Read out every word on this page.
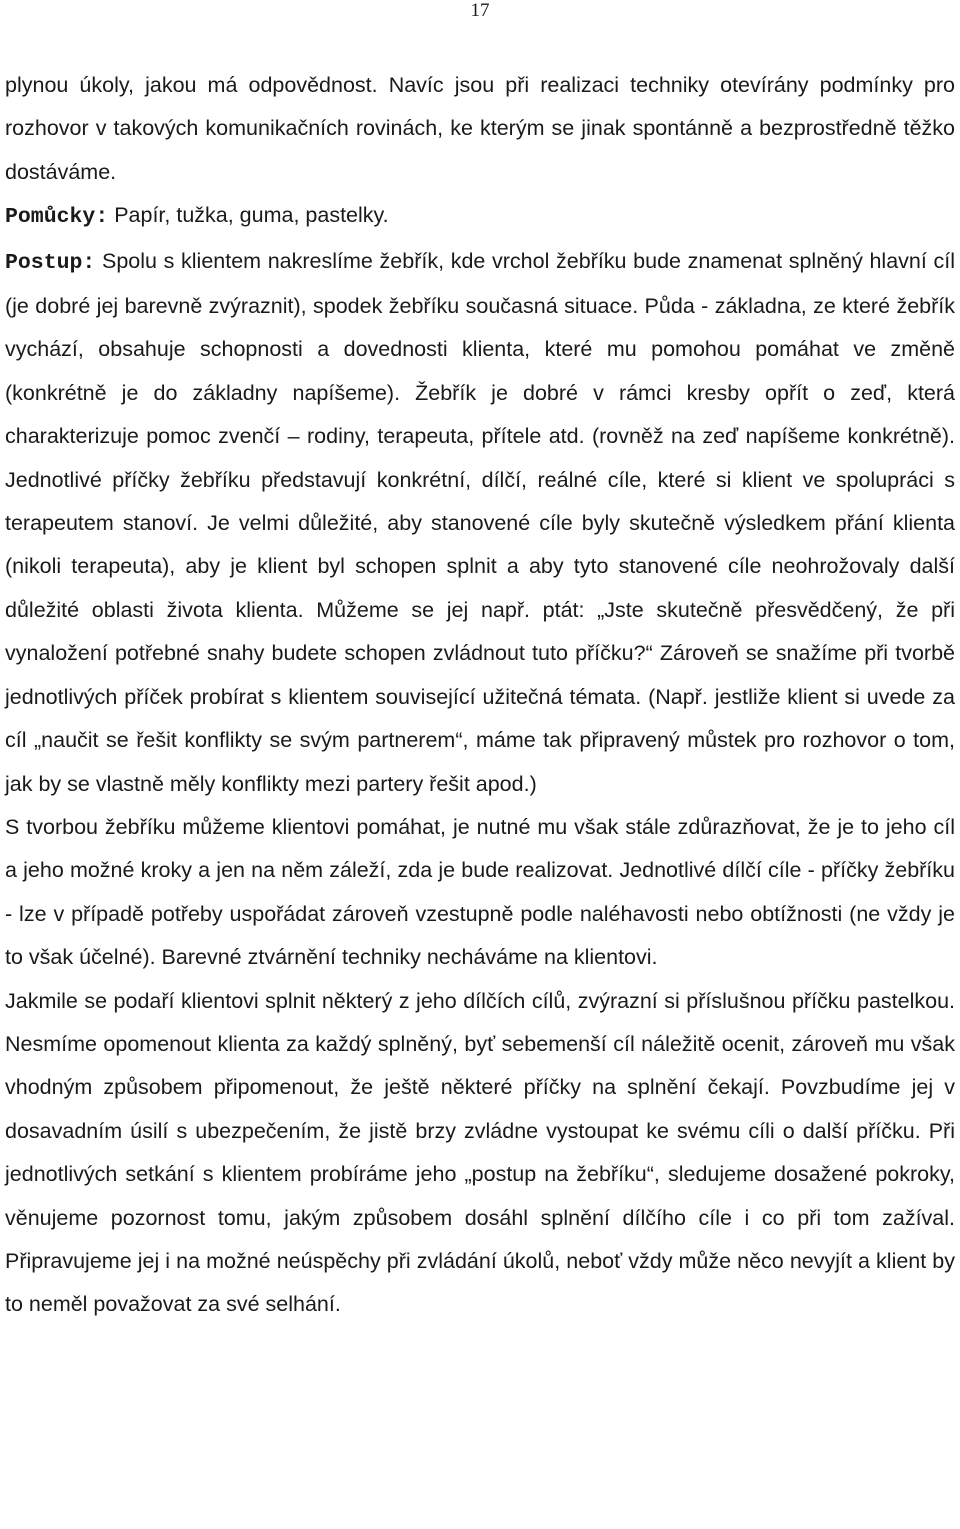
17

plynou úkoly, jakou má odpovědnost. Navíc jsou při realizaci techniky otevírány podmínky pro rozhovor v takových komunikačních rovinách, ke kterým se jinak spontánně a bezprostředně těžko dostáváme.

Pomůcky: Papír, tužka, guma, pastelky.

Postup: Spolu s klientem nakreslíme žebřík, kde vrchol žebříku bude znamenat splněný hlavní cíl (je dobré jej barevně zvýraznit), spodek žebříku současná situace. Půda - základna, ze které žebřík vychází, obsahuje schopnosti a dovednosti klienta, které mu pomohou pomáhat ve změně (konkrétně je do základny napíšeme). Žebřík je dobré v rámci kresby opřít o zeď, která charakterizuje pomoc zvenčí – rodiny, terapeuta, přítele atd. (rovněž na zeď napíšeme konkrétně). Jednotlivé příčky žebříku představují konkrétní, dílčí, reálné cíle, které si klient ve spolupráci s terapeutem stanoví. Je velmi důležité, aby stanovené cíle byly skutečně výsledkem přání klienta (nikoli terapeuta), aby je klient byl schopen splnit a aby tyto stanovené cíle neohrožovaly další důležité oblasti života klienta. Můžeme se jej např. ptát: „Jste skutečně přesvědčený, že při vynaložení potřebné snahy budete schopen zvládnout tuto příčku?“ Zároveň se snažíme při tvorbě jednotlivých příček probírat s klientem související užitečná témata. (Např. jestliže klient si uvede za cíl „naučit se řešit konflikty se svým partnerem“, máme tak připravený můstek pro rozhovor o tom, jak by se vlastně měly konflikty mezi partery řešit apod.)

S tvorbou žebříku můžeme klientovi pomáhat, je nutné mu však stále zdůrazňovat, že je to jeho cíl a jeho možné kroky a jen na něm záleží, zda je bude realizovat. Jednotlivé dílčí cíle - příčky žebříku - lze v případě potřeby uspořádat zároveň vzestupně podle naléhavosti nebo obtížnosti (ne vždy je to však účelné). Barevné ztvárnění techniky necháváme na klientovi.

Jakmile se podaří klientovi splnit některý z jeho dílčích cílů, zvýrazní si příslušnou příčku pastelkou. Nesmíme opomenout klienta za každý splněný, byť sebemenší cíl náležitě ocenit, zároveň mu však vhodným způsobem připomenout, že ještě některé příčky na splnění čekají. Povzbudíme jej v dosavadním úsilí s ubezpečením, že jistě brzy zvládne vystoupat ke svému cíli o další příčku. Při jednotlivých setkání s klientem probíráme jeho „postup na žebříku“, sledujeme dosažené pokroky, věnujeme pozornost tomu, jakým způsobem dosáhl splnění dílčího cíle i co při tom zažíval. Připravujeme jej i na možné neúspěchy při zvládání úkolů, neboť vždy může něco nevyjít a klient by to neměl považovat za své selhání.
